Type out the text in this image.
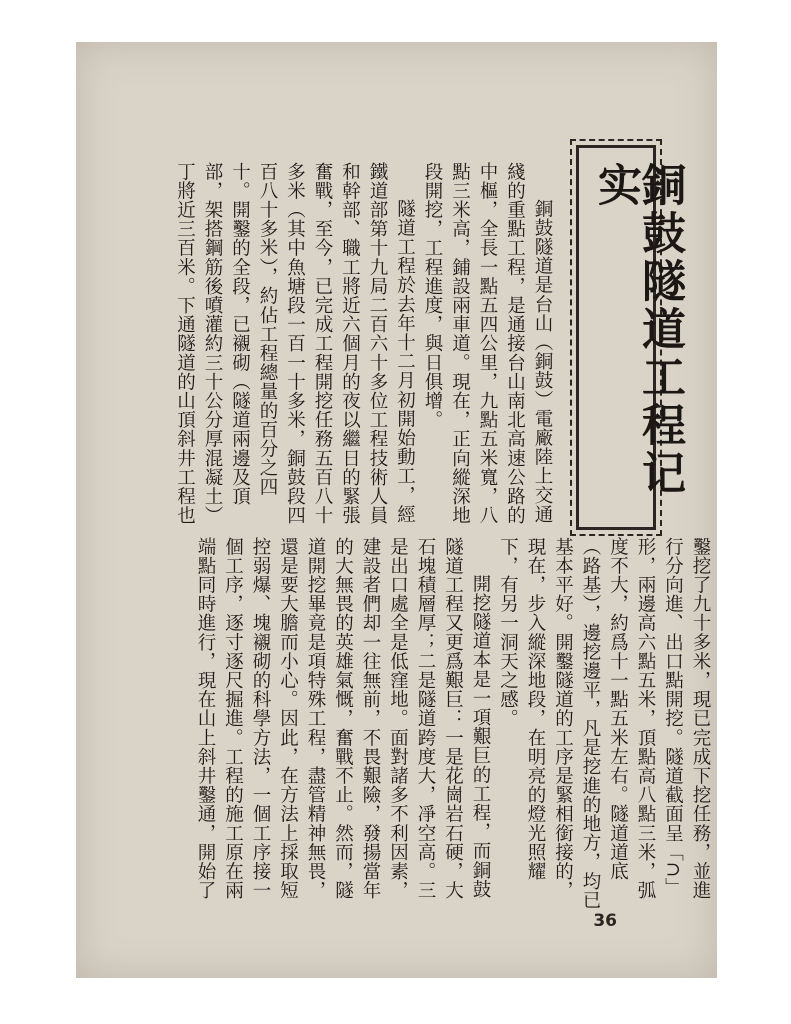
銅鼓隧道工程记实

銅鼓隧道是台山（銅鼓）電廠陸上交通綫的重點工程，是通接台山南北高速公路的中樞，全長一點五四公里，九點五米寬，八點三米高，鋪設兩車道。現在，正向縱深地段開挖，工程進度，與日俱增。

隧道工程於去年十二月初開始動工，經鐵道部第十九局二百六十多位工程技術人員和幹部、職工將近六個月的夜以繼日的緊張奮戰，至今，已完成工程開挖任務五百八十多米（其中魚塘段一百一十多米，銅鼓段四百八十多米），約佔工程總量的百分之四十。開鑿的全段，已襯砌（隧道兩邊及頂部，架搭鋼筋後噴灌約三十公分厚混凝土）丁將近三百米。下通隧道的山頂斜井工程也

鑿挖了九十多米，現已完成下挖任務，並進行分向進、出口點開挖。隧道截面呈「∩」形，兩邊高六點五米，頂點高八點三米，弧度不大，約爲十一點五米左右。隧道道底（路基），邊挖邊平，凡是挖進的地方，均已基本平好。開鑿隧道的工序是緊相銜接的，現在，步入縱深地段，在明亮的燈光照耀下，有另一洞天之感。

開挖隧道本是一項艱巨的工程，而銅鼓隧道工程又更爲艱巨：一是花崗岩石硬，大石塊積層厚；二是隧道跨度大，凈空高。三是出口處全是低窪地。面對諸多不利因素，建設者們却一往無前，不畏艱險，發揚當年的大無畏的英雄氣慨，奮戰不止。然而，隧道開挖畢竟是項特殊工程，盡管精神無畏，還是要大膽而小心。因此，在方法上採取短控弱爆、塊襯砌的科學方法，一個工序接一個工序，逐寸逐尺掘進。工程的施工原在兩端點同時進行，現在山上斜井鑿通，開始了

36
